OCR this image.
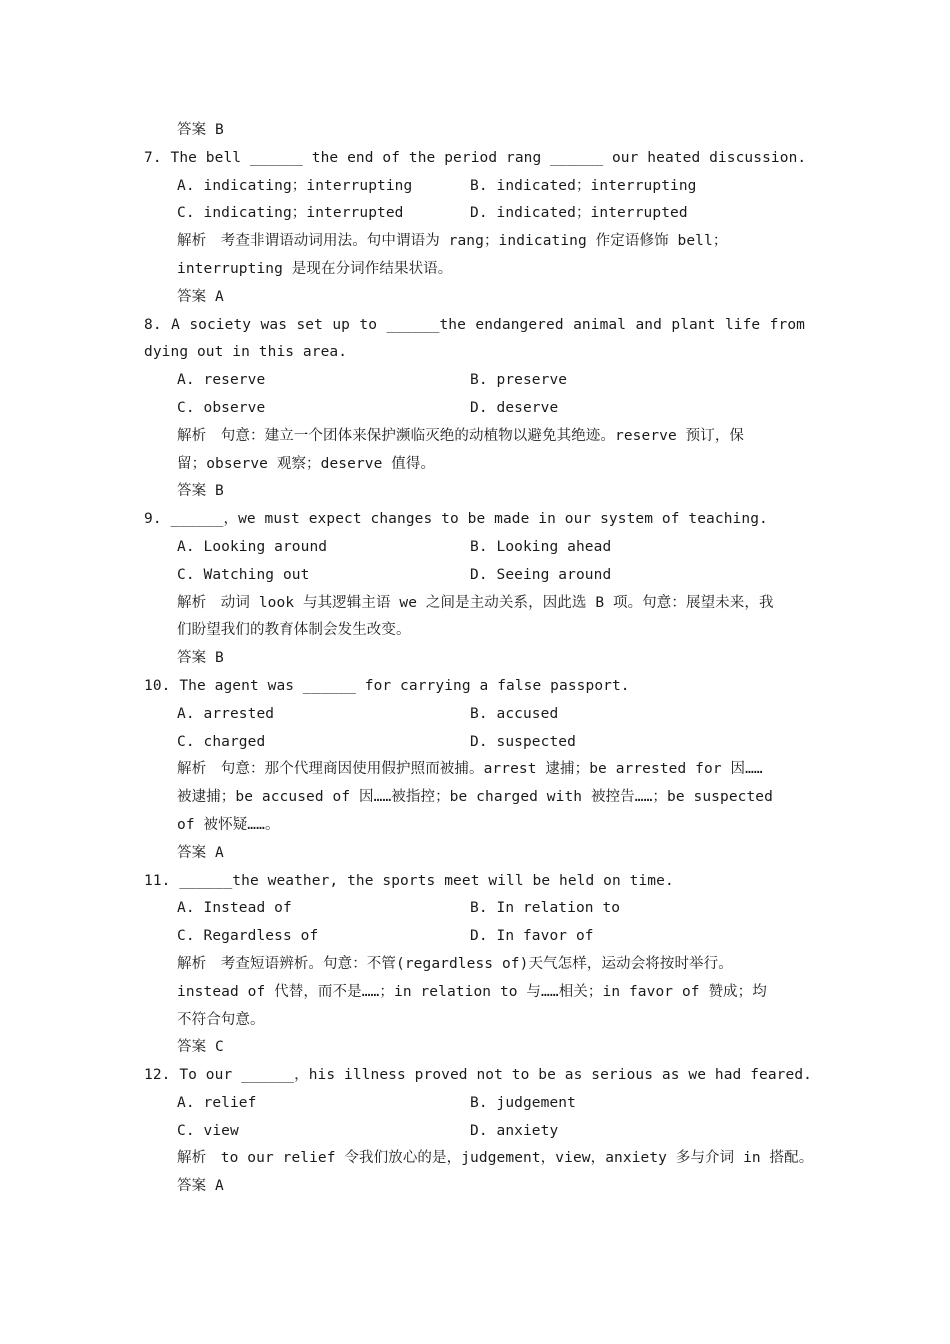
答案 B
7. The bell ______ the end of the period rang ______ our heated discussion.
A. indicating；interrupting	B. indicated；interrupting
C. indicating；interrupted	D. indicated；interrupted
解析　考查非谓语动词用法。句中谓语为 rang；indicating 作定语修饰 bell；
interrupting 是现在分词作结果状语。
答案 A
8. A society was set up to ______the endangered animal and plant life from
dying out in this area.
A. reserve	B. preserve
C. observe	D. deserve
解析　句意：建立一个团体来保护濒临灭绝的动植物以避免其绝迹。reserve 预订，保
留；observe 观察；deserve 值得。
答案 B
9. ______，we must expect changes to be made in our system of teaching.
A. Looking around	B. Looking ahead
C. Watching out	D. Seeing around
解析　动词 look 与其逻辑主语 we 之间是主动关系，因此选 B 项。句意：展望未来，我
们盼望我们的教育体制会发生改变。
答案 B
10. The agent was ______ for carrying a false passport.
A. arrested	B. accused
C. charged	D. suspected
解析　句意：那个代理商因使用假护照而被捕。arrest 逮捕；be arrested for 因……
被逮捕；be accused of 因……被指控；be charged with 被控告……；be suspected
of 被怀疑……。
答案 A
11. ______the weather, the sports meet will be held on time.
A. Instead of	B. In relation to
C. Regardless of	D. In favor of
解析　考查短语辨析。句意：不管(regardless of)天气怎样，运动会将按时举行。
instead of 代替，而不是……；in relation to 与……相关；in favor of 赞成；均
不符合句意。
答案 C
12. To our ______，his illness proved not to be as serious as we had feared.
A. relief	B. judgement
C. view	D. anxiety
解析　to our relief 令我们放心的是，judgement，view，anxiety 多与介词 in 搭配。
答案 A
